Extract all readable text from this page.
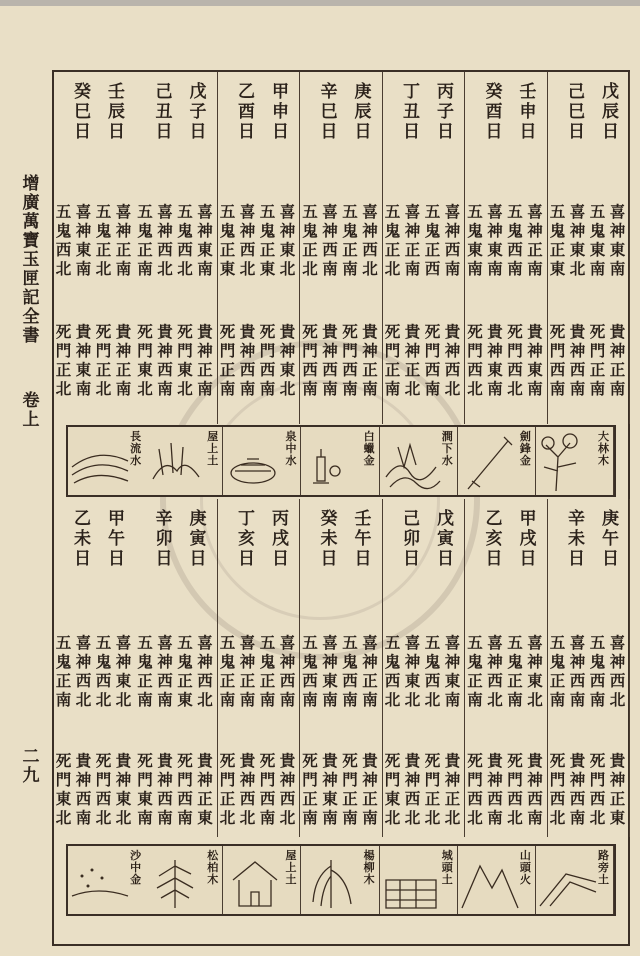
增
廣
萬
寶
玉
匣
記
全
書
卷
上
二
九
戊
辰
日
己
巳
日
喜
神
東
南
五
鬼
東
南
喜
神
東
北
五
鬼
正
東
貴
神
正
南
死
門
正
南
貴
神
西
南
死
門
西
南
壬
申
日
癸
酉
日
喜
神
正
南
五
鬼
西
南
喜
神
東
南
五
鬼
東
南
貴
神
東
南
死
門
西
北
貴
神
東
南
死
門
西
北
丙
子
日
丁
丑
日
喜
神
西
南
五
鬼
正
西
喜
神
正
南
五
鬼
正
北
貴
神
西
北
死
門
西
南
貴
神
正
北
死
門
正
南
庚
辰
日
辛
巳
日
喜
神
西
北
五
鬼
正
南
喜
神
西
南
五
鬼
正
北
貴
神
正
南
死
門
西
南
貴
神
西
南
死
門
西
南
甲
申
日
乙
酉
日
喜
神
東
北
五
鬼
正
東
喜
神
西
北
五
鬼
正
東
貴
神
東
北
死
門
西
南
貴
神
西
南
死
門
正
南
戊
子
日
己
丑
日
喜
神
東
南
五
鬼
西
北
喜
神
西
北
五
鬼
正
南
貴
神
正
南
死
門
東
北
貴
神
西
南
死
門
東
北
壬
辰
日
癸
巳
日
喜
神
正
南
五
鬼
正
北
喜
神
東
南
五
鬼
西
北
貴
神
正
南
死
門
正
北
貴
神
東
南
死
門
正
北
大
林
木
劍
鋒
金
澗
下
水
白
蠟
金
泉
中
水
屋
上
土
長
流
水
庚
午
日
辛
未
日
喜
神
西
北
五
鬼
西
南
喜
神
西
南
五
鬼
正
南
貴
神
正
東
死
門
西
北
貴
神
西
南
死
門
西
北
甲
戌
日
乙
亥
日
喜
神
東
北
五
鬼
正
南
喜
神
西
北
五
鬼
正
南
貴
神
西
南
死
門
西
北
貴
神
西
南
死
門
西
北
戊
寅
日
己
卯
日
喜
神
東
南
五
鬼
西
北
喜
神
東
北
五
鬼
西
北
貴
神
正
北
死
門
正
北
貴
神
西
北
死
門
東
北
壬
午
日
癸
未
日
喜
神
正
南
五
鬼
西
南
喜
神
東
南
五
鬼
西
南
貴
神
正
南
死
門
正
南
貴
神
東
南
死
門
正
南
丙
戌
日
丁
亥
日
喜
神
西
南
五
鬼
正
南
喜
神
正
南
五
鬼
正
南
貴
神
西
北
死
門
西
南
貴
神
西
北
死
門
正
北
庚
寅
日
辛
卯
日
喜
神
西
北
五
鬼
正
東
喜
神
西
南
五
鬼
正
南
貴
神
正
東
死
門
西
南
貴
神
西
南
死
門
東
南
甲
午
日
乙
未
日
喜
神
東
北
五
鬼
西
北
喜
神
西
北
五
鬼
正
南
貴
神
東
北
死
門
西
北
貴
神
西
南
死
門
東
北
路
旁
土
山
頭
火
城
頭
土
楊
柳
木
屋
上
土
松
柏
木
沙
中
金
